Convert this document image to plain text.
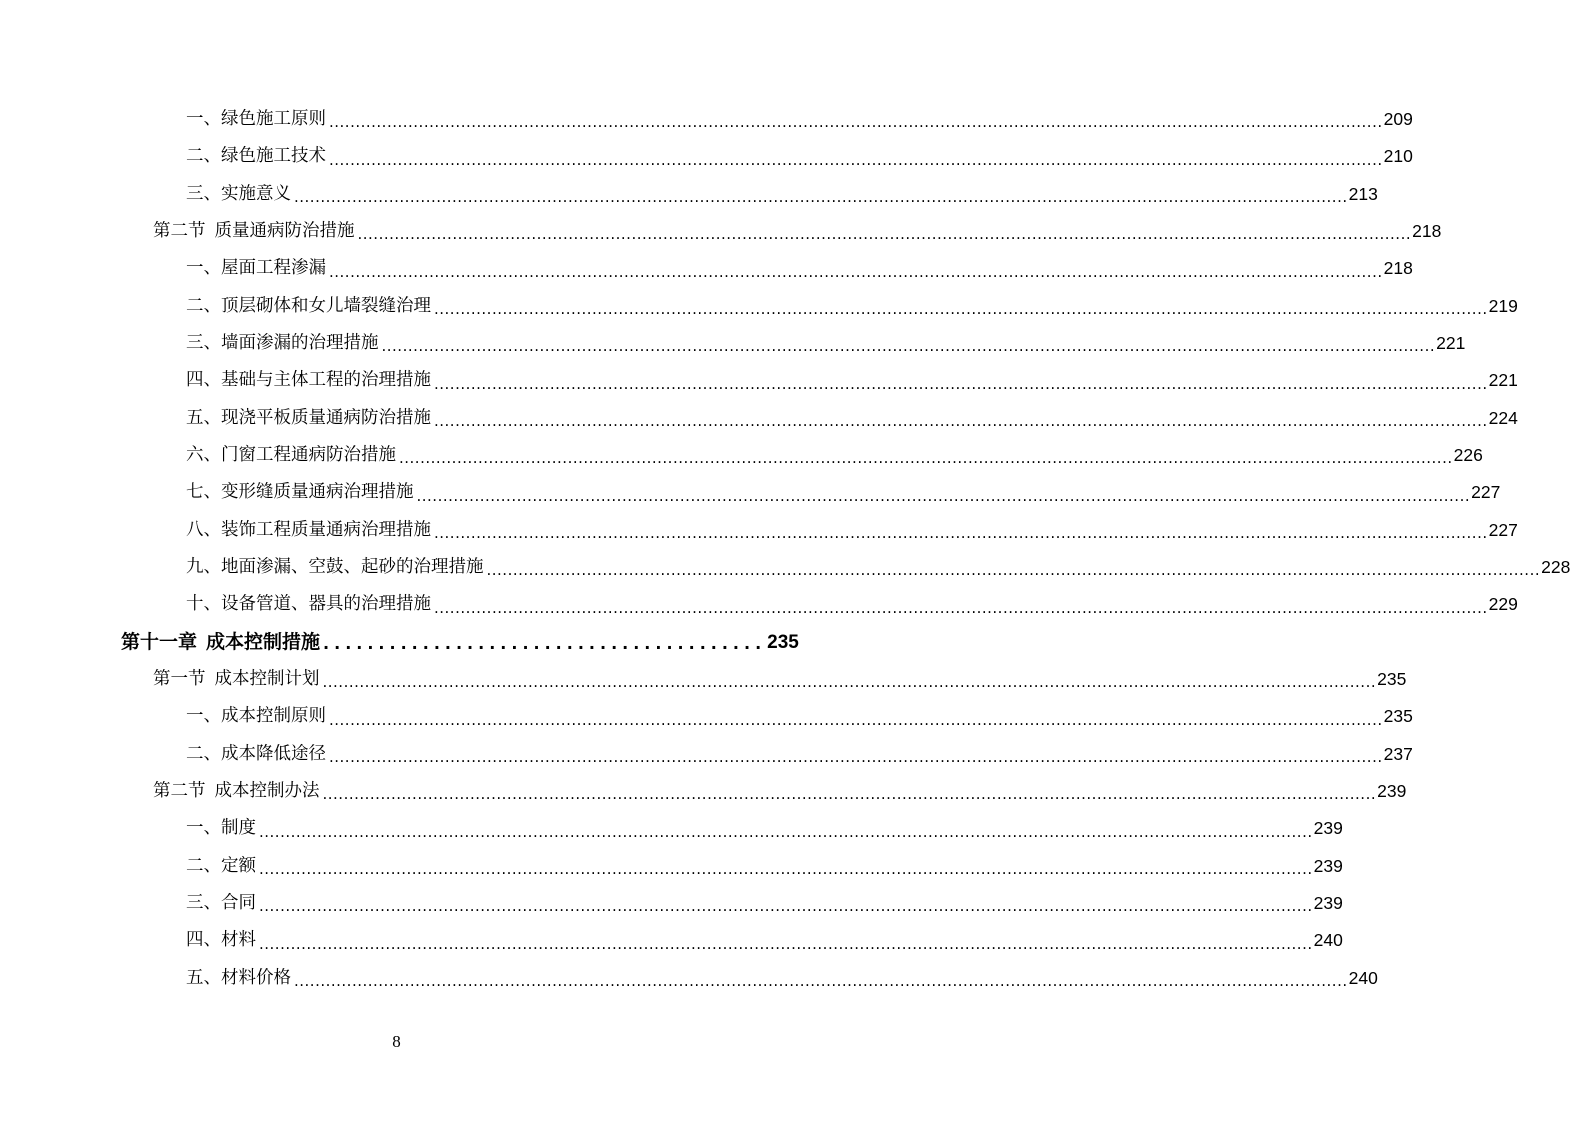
一、绿色施工原则 ........................................................................................................................................................................................................ 209
二、绿色施工技术 ........................................................................................................................................................................................................ 210
三、实施意义 ........................................................................................................................................................................................................ 213
第二节 质量通病防治措施 ........................................................................................................................................................................................................ 218
一、屋面工程渗漏 ........................................................................................................................................................................................................ 218
二、顶层砌体和女儿墙裂缝治理 ........................................................................................................................................................................................................ 219
三、墙面渗漏的治理措施 ........................................................................................................................................................................................................ 221
四、基础与主体工程的治理措施 ........................................................................................................................................................................................................ 221
五、现浇平板质量通病防治措施 ........................................................................................................................................................................................................ 224
六、门窗工程通病防治措施 ........................................................................................................................................................................................................ 226
七、变形缝质量通病治理措施 ........................................................................................................................................................................................................ 227
八、装饰工程质量通病治理措施 ........................................................................................................................................................................................................ 227
九、地面渗漏、空鼓、起砂的治理措施 ........................................................................................................................................................................................................ 228
十、设备管道、器具的治理措施 ........................................................................................................................................................................................................ 229
第十一章 成本控制措施 ........................................ 235
第一节 成本控制计划 ........................................................................................................................................................................................................ 235
一、成本控制原则 ........................................................................................................................................................................................................ 235
二、成本降低途径 ........................................................................................................................................................................................................ 237
第二节 成本控制办法 ........................................................................................................................................................................................................ 239
一、制度 ........................................................................................................................................................................................................ 239
二、定额 ........................................................................................................................................................................................................ 239
三、合同 ........................................................................................................................................................................................................ 239
四、材料 ........................................................................................................................................................................................................ 240
五、材料价格 ........................................................................................................................................................................................................ 240
8
